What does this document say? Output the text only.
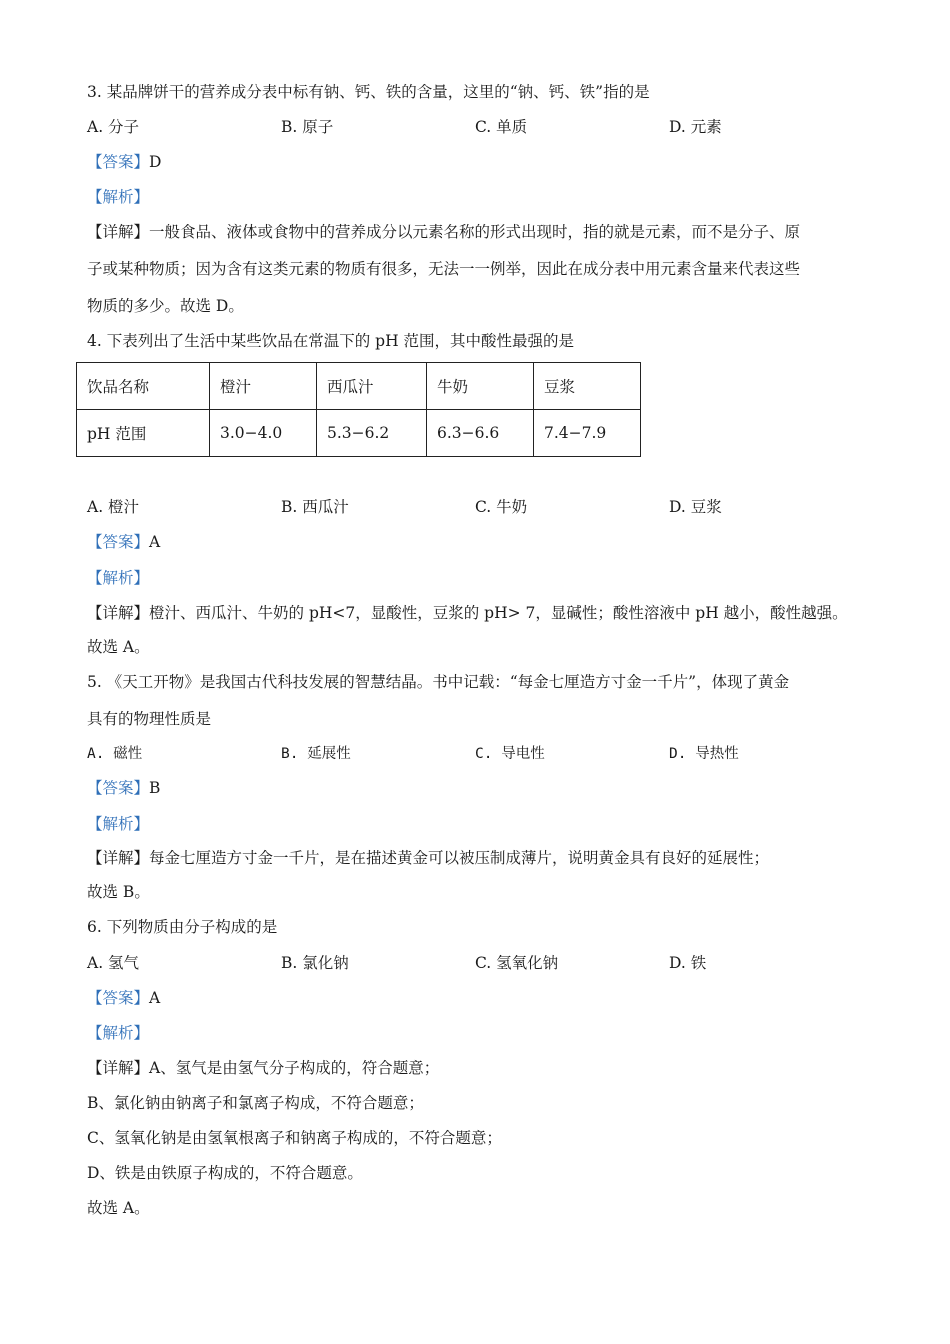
3. 某品牌饼干的营养成分表中标有钠、钙、铁的含量，这里的“钠、钙、铁”指的是
A. 分子	B. 原子	C. 单质	D. 元素
【答案】D
【解析】
【详解】一般食品、液体或食物中的营养成分以元素名称的形式出现时，指的就是元素，而不是分子、原
子或某种物质；因为含有这类元素的物质有很多，无法一一例举，因此在成分表中用元素含量来代表这些
物质的多少。故选 D。
4. 下表列出了生活中某些饮品在常温下的 pH 范围，其中酸性最强的是
饮品名称	橙汁	西瓜汁	牛奶	豆浆
pH 范围	3.0−4.0	5.3−6.2	6.3−6.6	7.4−7.9
A. 橙汁	B. 西瓜汁	C. 牛奶	D. 豆浆
【答案】A
【解析】
【详解】橙汁、西瓜汁、牛奶的 pH<7，显酸性，豆浆的 pH> 7，显碱性；酸性溶液中 pH 越小，酸性越强。
故选 A。
5. 《天工开物》是我国古代科技发展的智慧结晶。书中记载：“每金七厘造方寸金一千片”，体现了黄金
具有的物理性质是
A. 磁性	B. 延展性	C. 导电性	D. 导热性
【答案】B
【解析】
【详解】每金七厘造方寸金一千片，是在描述黄金可以被压制成薄片，说明黄金具有良好的延展性；
故选 B。
6. 下列物质由分子构成的是
A. 氢气	B. 氯化钠	C. 氢氧化钠	D. 铁
【答案】A
【解析】
【详解】A、氢气是由氢气分子构成的，符合题意；
B、氯化钠由钠离子和氯离子构成，不符合题意；
C、氢氧化钠是由氢氧根离子和钠离子构成的，不符合题意；
D、铁是由铁原子构成的，不符合题意。
故选 A。
